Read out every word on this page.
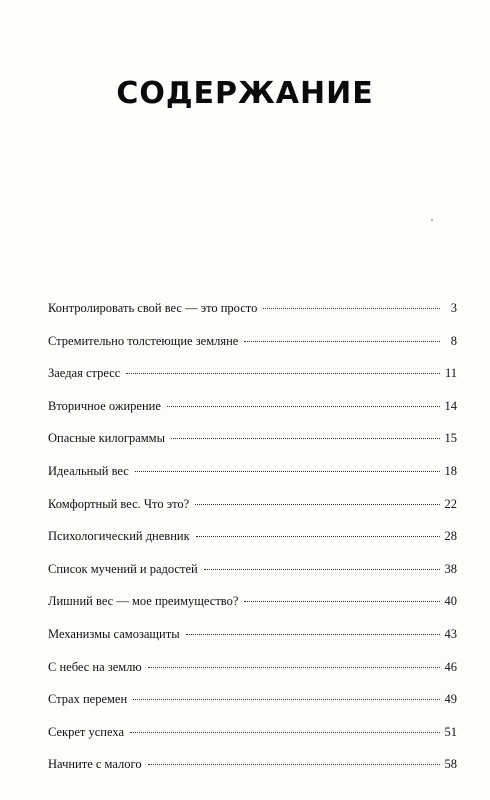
СОДЕРЖАНИЕ
Контролировать свой вес — это просто	3
Стремительно толстеющие земляне	8
Заедая стресс	11
Вторичное ожирение	14
Опасные килограммы	15
Идеальный вес	18
Комфортный вес. Что это?	22
Психологический дневник	28
Список мучений и радостей	38
Лишний вес — мое преимущество?	40
Механизмы самозащиты	43
С небес на землю	46
Страх перемен	49
Секрет успеха	51
Начните с малого	58
